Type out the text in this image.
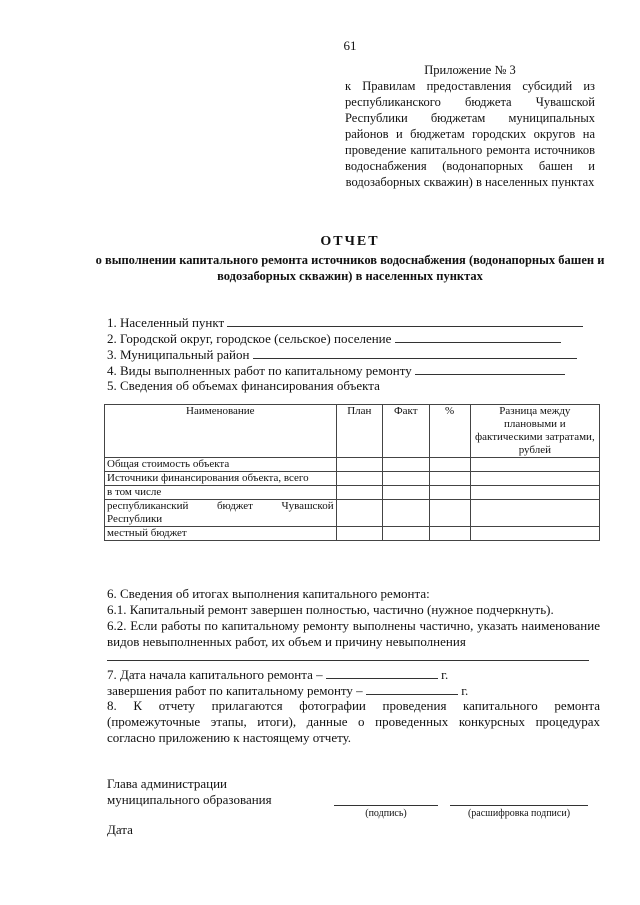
61
Приложение № 3
к Правилам предоставления субсидий из республиканского бюджета Чувашской Республики бюджетам муниципальных районов и бюджетам городских округов на проведение капитального ремонта источников водоснабжения (водонапорных башен и водозаборных скважин) в населенных пунктах
ОТЧЕТ
о выполнении капитального ремонта источников водоснабжения (водонапорных башен и водозаборных скважин) в населенных пунктах
1. Населенный пункт
2. Городской округ, городское (сельское) поселение
3. Муниципальный район
4. Виды выполненных работ по капитальному ремонту
5. Сведения об объемах финансирования объекта
Наименование	План	Факт	%	Разница между плановыми и фактическими затратами, рублей
Общая стоимость объекта				
Источники финансирования объекта, всего				
в том числе				
республиканский бюджет Чувашской Республики				
местный бюджет				

6. Сведения об итогах выполнения капитального ремонта:

6.1. Капитальный ремонт завершен полностью, частично (нужное подчеркнуть).

6.2. Если работы по капитальному ремонту выполнены частично, указать наименование видов невыполненных работ, их объем и причину невыполнения

7. Дата начала капитального ремонта –	г.
завершения работ по капитальному ремонту –	г.

8. К отчету прилагаются фотографии проведения капитального ремонта (промежуточные этапы, итоги), данные о проведенных конкурсных процедурах согласно приложению к настоящему отчету.

Глава администрации
муниципального образования
(подпись)	(расшифровка подписи)
Дата
